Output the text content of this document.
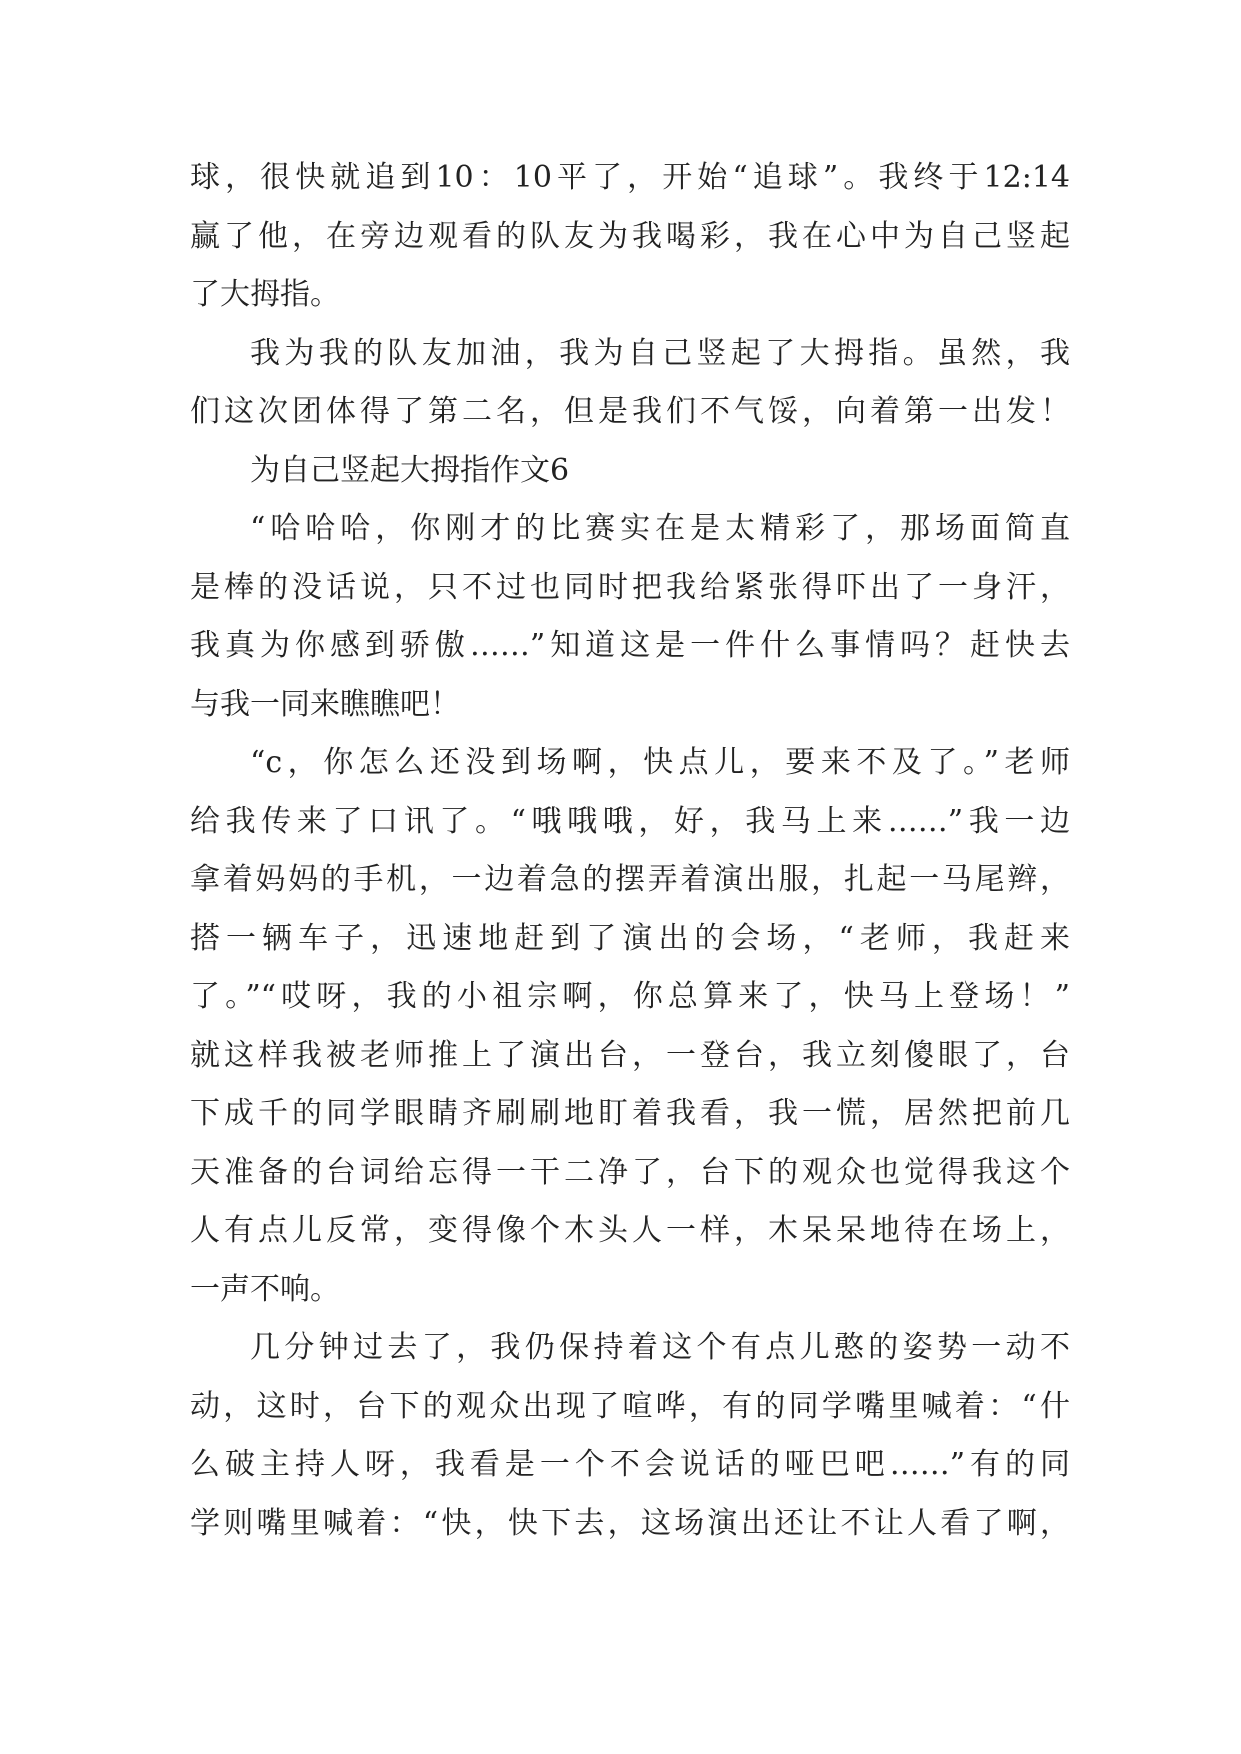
球，很快就追到10：10平了，开始“追球”。我终于12:14
赢了他，在旁边观看的队友为我喝彩，我在心中为自己竖起
了大拇指。
我为我的队友加油，我为自己竖起了大拇指。虽然，我
们这次团体得了第二名，但是我们不气馁，向着第一出发！
为自己竖起大拇指作文6
“哈哈哈，你刚才的比赛实在是太精彩了，那场面简直
是棒的没话说，只不过也同时把我给紧张得吓出了一身汗，
我真为你感到骄傲……”知道这是一件什么事情吗？赶快去
与我一同来瞧瞧吧！
“c，你怎么还没到场啊，快点儿，要来不及了。”老师
给我传来了口讯了。“哦哦哦，好，我马上来……”我一边
拿着妈妈的手机，一边着急的摆弄着演出服，扎起一马尾辫，
搭一辆车子，迅速地赶到了演出的会场，“老师，我赶来
了。”“哎呀，我的小祖宗啊，你总算来了，快马上登场！”
就这样我被老师推上了演出台，一登台，我立刻傻眼了，台
下成千的同学眼睛齐刷刷地盯着我看，我一慌，居然把前几
天准备的台词给忘得一干二净了，台下的观众也觉得我这个
人有点儿反常，变得像个木头人一样，木呆呆地待在场上，
一声不响。
几分钟过去了，我仍保持着这个有点儿憨的姿势一动不
动，这时，台下的观众出现了喧哗，有的同学嘴里喊着：“什
么破主持人呀，我看是一个不会说话的哑巴吧……”有的同
学则嘴里喊着：“快，快下去，这场演出还让不让人看了啊，
